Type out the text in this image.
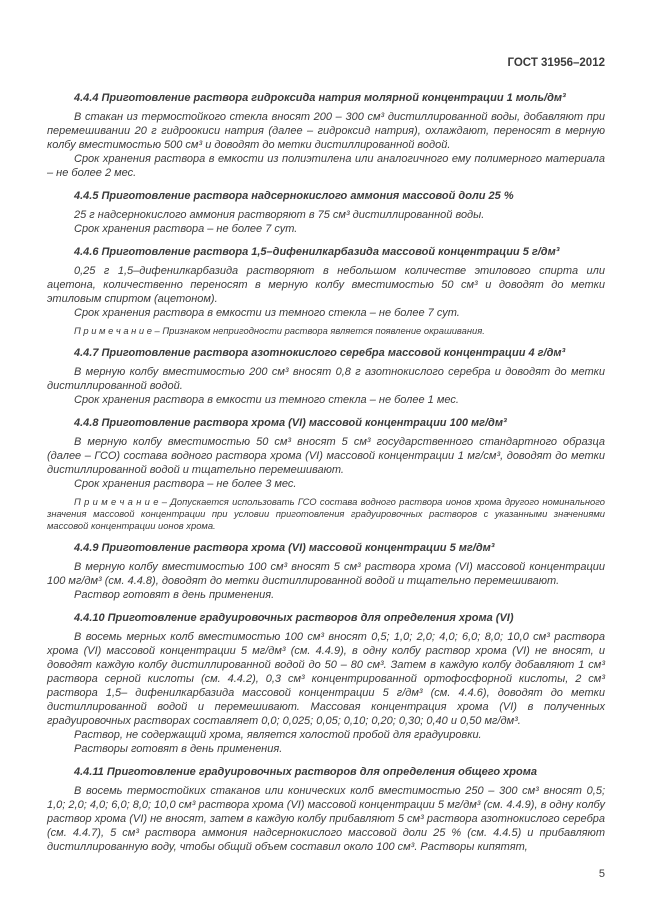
ГОСТ 31956–2012

4.4.4 Приготовление раствора гидроксида натрия молярной концентрации 1 моль/дм³

В стакан из термостойкого стекла вносят 200 – 300 см³ дистиллированной воды, добавляют при перемешивании 20 г гидроокиси натрия (далее – гидроксид натрия), охлаждают, переносят в мерную колбу вместимостью 500 см³ и доводят до метки дистиллированной водой.

Срок хранения раствора в емкости из полиэтилена или аналогичного ему полимерного материала – не более 2 мес.

4.4.5 Приготовление раствора надсернокислого аммония массовой доли 25 %

25 г надсернокислого аммония растворяют в 75 см³ дистиллированной воды.

Срок хранения раствора – не более 7 сут.

4.4.6 Приготовление раствора 1,5–дифенилкарбазида массовой концентрации 5 г/дм³

0,25 г 1,5–дифенилкарбазида растворяют в небольшом количестве этилового спирта или ацетона, количественно переносят в мерную колбу вместимостью 50 см³ и доводят до метки этиловым спиртом (ацетоном).

Срок хранения раствора в емкости из темного стекла – не более 7 сут.

П р и м е ч а н и е – Признаком непригодности раствора является появление окрашивания.

4.4.7 Приготовление раствора азотнокислого серебра массовой концентрации 4 г/дм³

В мерную колбу вместимостью 200 см³ вносят 0,8 г азотнокислого серебра и доводят до метки дистиллированной водой.

Срок хранения раствора в емкости из темного стекла – не более 1 мес.

4.4.8 Приготовление раствора хрома (VI) массовой концентрации 100 мг/дм³

В мерную колбу вместимостью 50 см³ вносят 5 см³ государственного стандартного образца (далее – ГСО) состава водного раствора хрома (VI) массовой концентрации 1 мг/см³, доводят до метки дистиллированной водой и тщательно перемешивают.

Срок хранения раствора – не более 3 мес.

П р и м е ч а н и е – Допускается использовать ГСО состава водного раствора ионов хрома другого номинального значения массовой концентрации при условии приготовления градуировочных растворов с указанными значениями массовой концентрации ионов хрома.

4.4.9 Приготовление раствора хрома (VI) массовой концентрации 5 мг/дм³

В мерную колбу вместимостью 100 см³ вносят 5 см³ раствора хрома (VI) массовой концентрации 100 мг/дм³ (см. 4.4.8), доводят до метки дистиллированной водой и тщательно перемешивают.

Раствор готовят в день применения.

4.4.10 Приготовление градуировочных растворов для определения хрома (VI)

В восемь мерных колб вместимостью 100 см³ вносят 0,5; 1,0; 2,0; 4,0; 6,0; 8,0; 10,0 см³ раствора хрома (VI) массовой концентрации 5 мг/дм³ (см. 4.4.9), в одну колбу раствор хрома (VI) не вносят, и доводят каждую колбу дистиллированной водой до 50 – 80 см³. Затем в каждую колбу добавляют 1 см³ раствора серной кислоты (см. 4.4.2), 0,3 см³ концентрированной ортофосфорной кислоты, 2 см³ раствора 1,5– дифенилкарбазида массовой концентрации 5 г/дм³ (см. 4.4.6), доводят до метки дистиллированной водой и перемешивают. Массовая концентрация хрома (VI) в полученных градуировочных растворах составляет 0,0; 0,025; 0,05; 0,10; 0,20; 0,30; 0,40 и 0,50 мг/дм³.

Раствор, не содержащий хрома, является холостой пробой для градуировки.

Растворы готовят в день применения.

4.4.11 Приготовление градуировочных растворов для определения общего хрома

В восемь термостойких стаканов или конических колб вместимостью 250 – 300 см³ вносят 0,5; 1,0; 2,0; 4,0; 6,0; 8,0; 10,0 см³ раствора хрома (VI) массовой концентрации 5 мг/дм³ (см. 4.4.9), в одну колбу раствор хрома (VI) не вносят, затем в каждую колбу прибавляют 5 см³ раствора азотнокислого серебра (см. 4.4.7), 5 см³ раствора аммония надсернокислого массовой доли 25 % (см. 4.4.5) и прибавляют дистиллированную воду, чтобы общий объем составил около 100 см³. Растворы кипятят,

5
